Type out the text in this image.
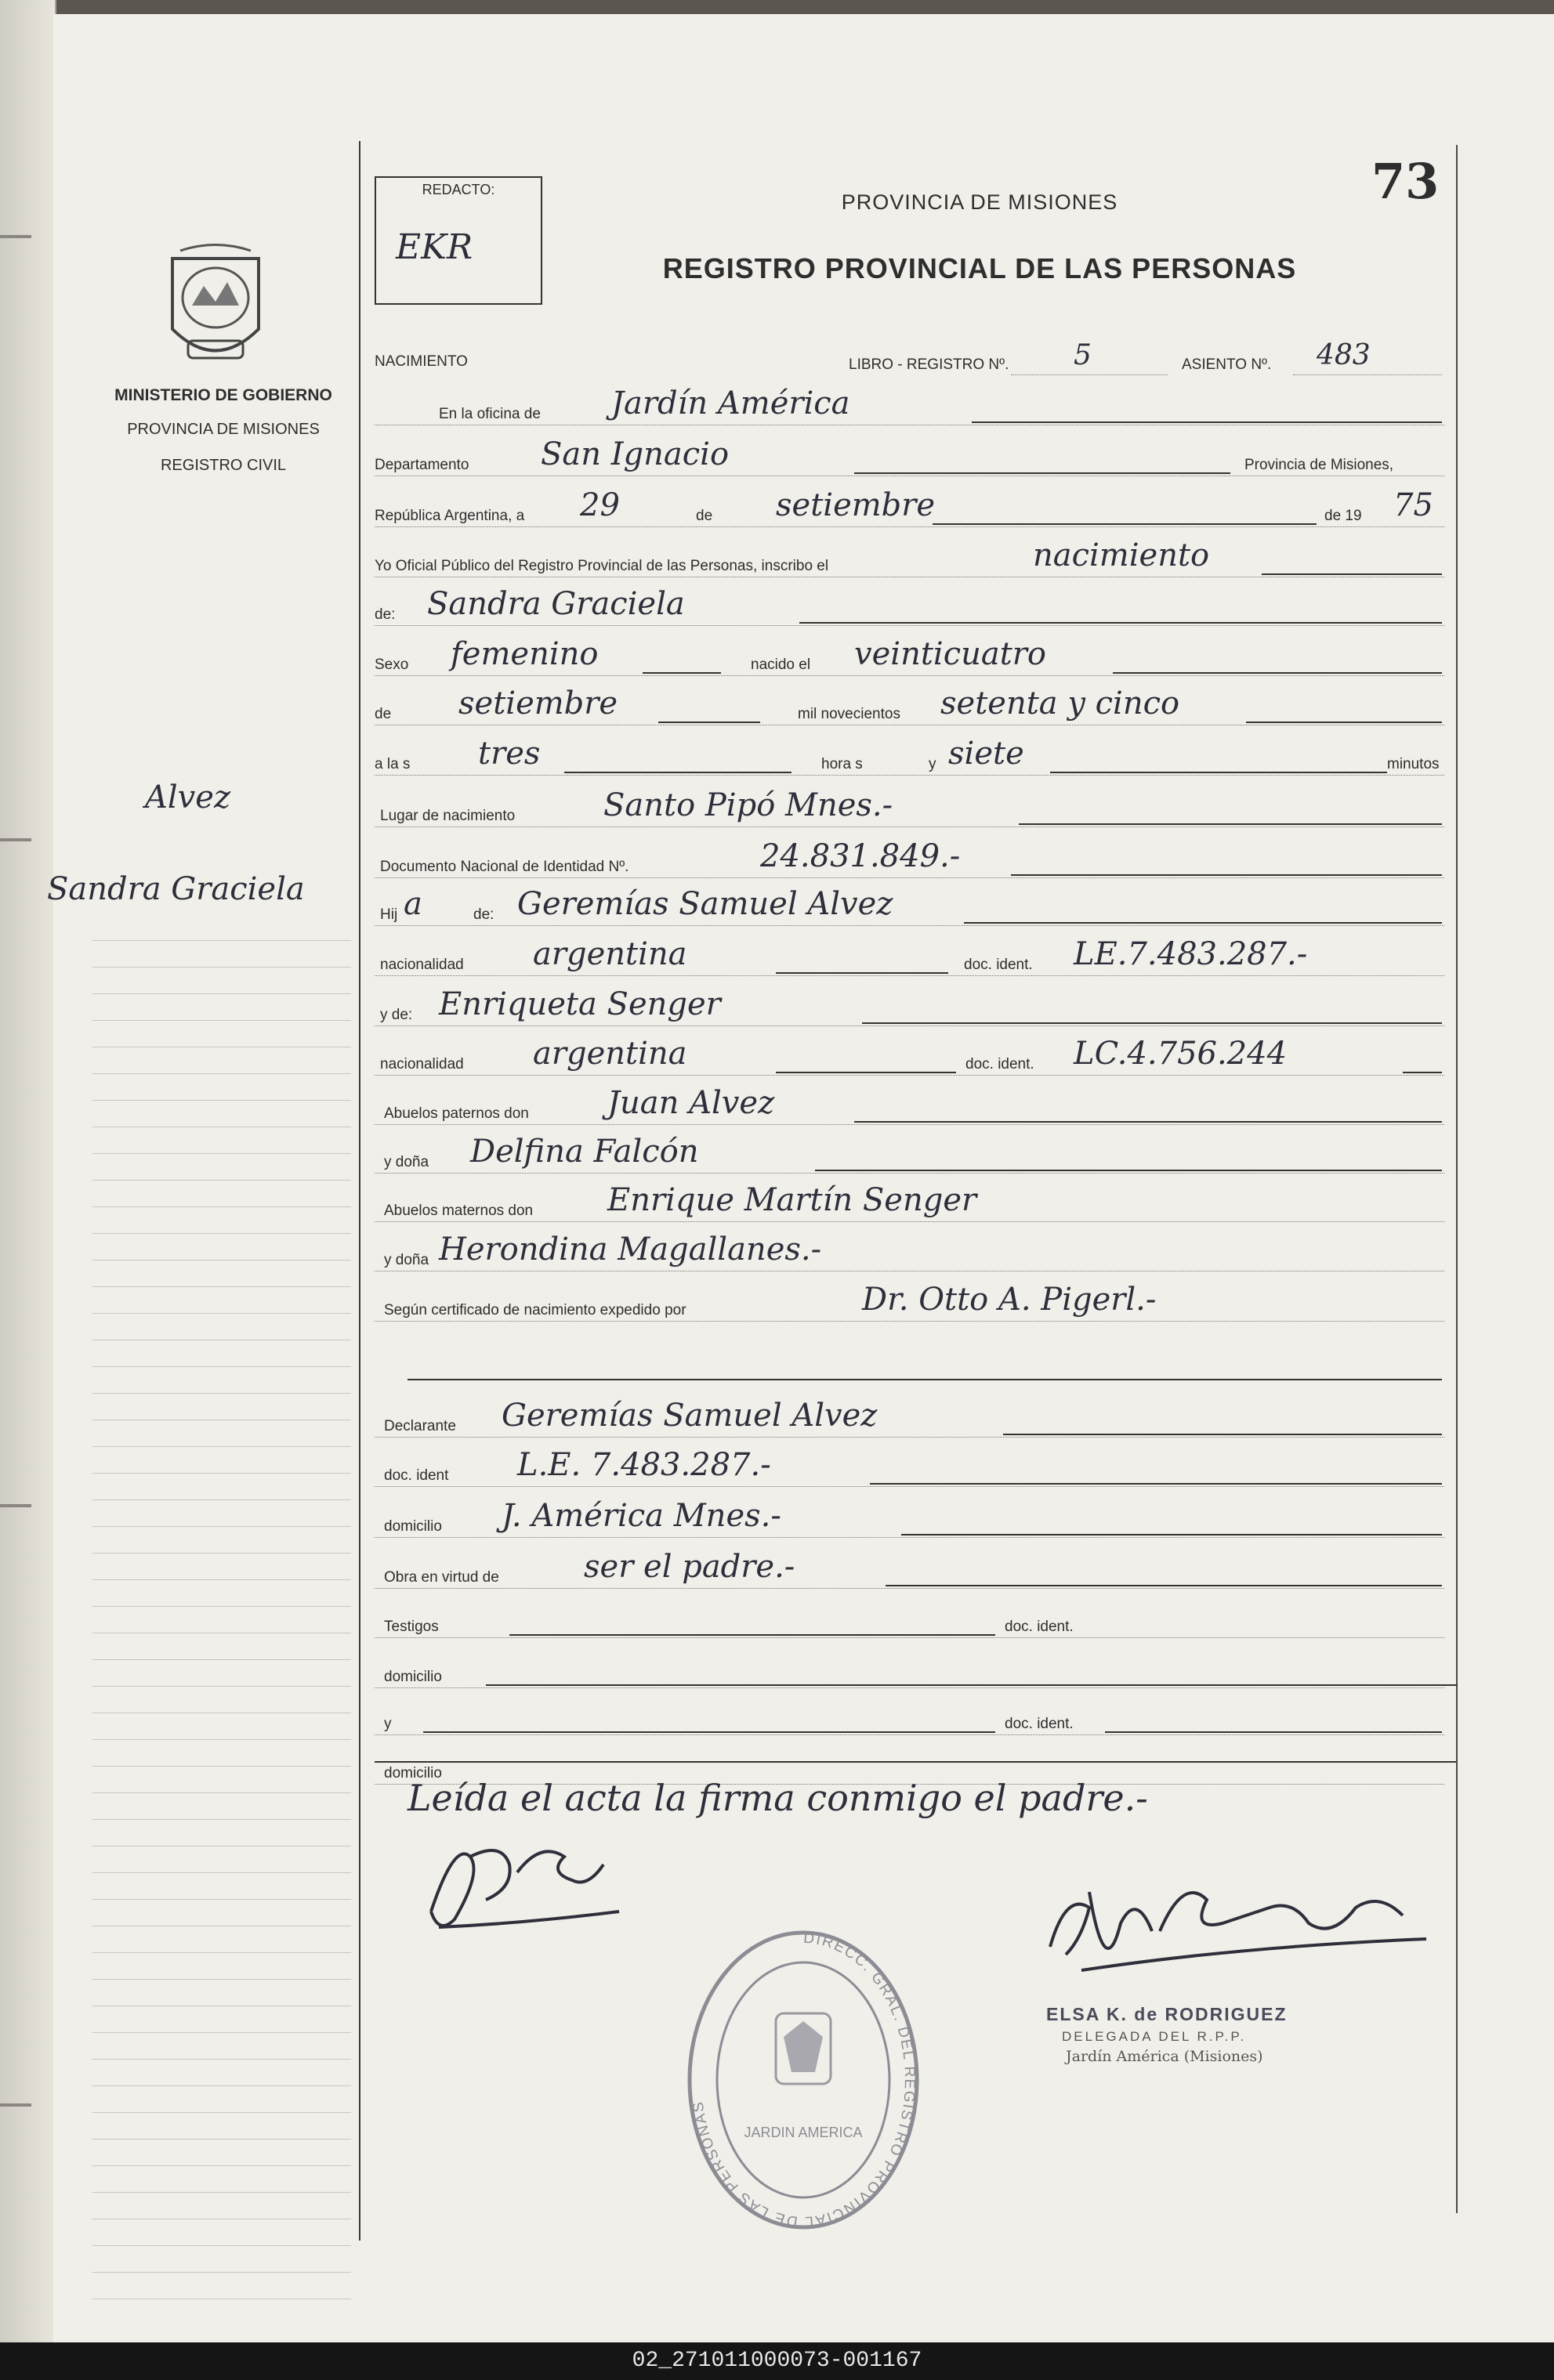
73
MINISTERIO DE GOBIERNO
PROVINCIA DE MISIONES
REGISTRO CIVIL
Alvez
Sandra Graciela
REDACTO:
EKR
PROVINCIA DE MISIONES
REGISTRO PROVINCIAL DE LAS PERSONAS
NACIMIENTO	LIBRO - REGISTRO Nº. 5	ASIENTO Nº. 483
En la oficina de Jardín América
Departamento San Ignacio	Provincia de Misiones,
República Argentina, a 29	de setiembre	de 19 75
Yo Oficial Público del Registro Provincial de las Personas, inscribo el	nacimiento
de: Sandra Graciela
Sexo femenino	nacido el veinticuatro
de setiembre	mil novecientos setenta y cinco
a la s tres	hora s	y siete	minutos
Lugar de nacimiento	Santo Pipó Mnes.-
Documento Nacional de Identidad Nº.	24.831.849.-
Hij a	de: Geremías Samuel Alvez
nacionalidad argentina	doc. ident. LE.7.483.287.-
y de: Enriqueta Senger
nacionalidad argentina	doc. ident. LC.4.756.244
Abuelos paternos don	Juan Alvez
y doña Delfina Falcón
Abuelos maternos don Enrique Martín Senger
y doña Herondina Magallanes.-
Según certificado de nacimiento expedido por	Dr. Otto A. Pigerl.-
Declarante Geremías Samuel Alvez
doc. ident L.E. 7.483.287.-
domicilio J. América Mnes.-
Obra en virtud de	ser el padre.-
Testigos	doc. ident.
domicilio
y	doc. ident.
domicilio
Leída el acta la firma conmigo el padre.-
ELSA K. de RODRIGUEZ
DELEGADA DEL R.P.P.
Jardín América (Misiones)
DIRECC. GRAL. DEL REGISTRO PROVINCIAL DE LAS PERSONAS
JARDIN AMERICA
02_271011000073-001167
